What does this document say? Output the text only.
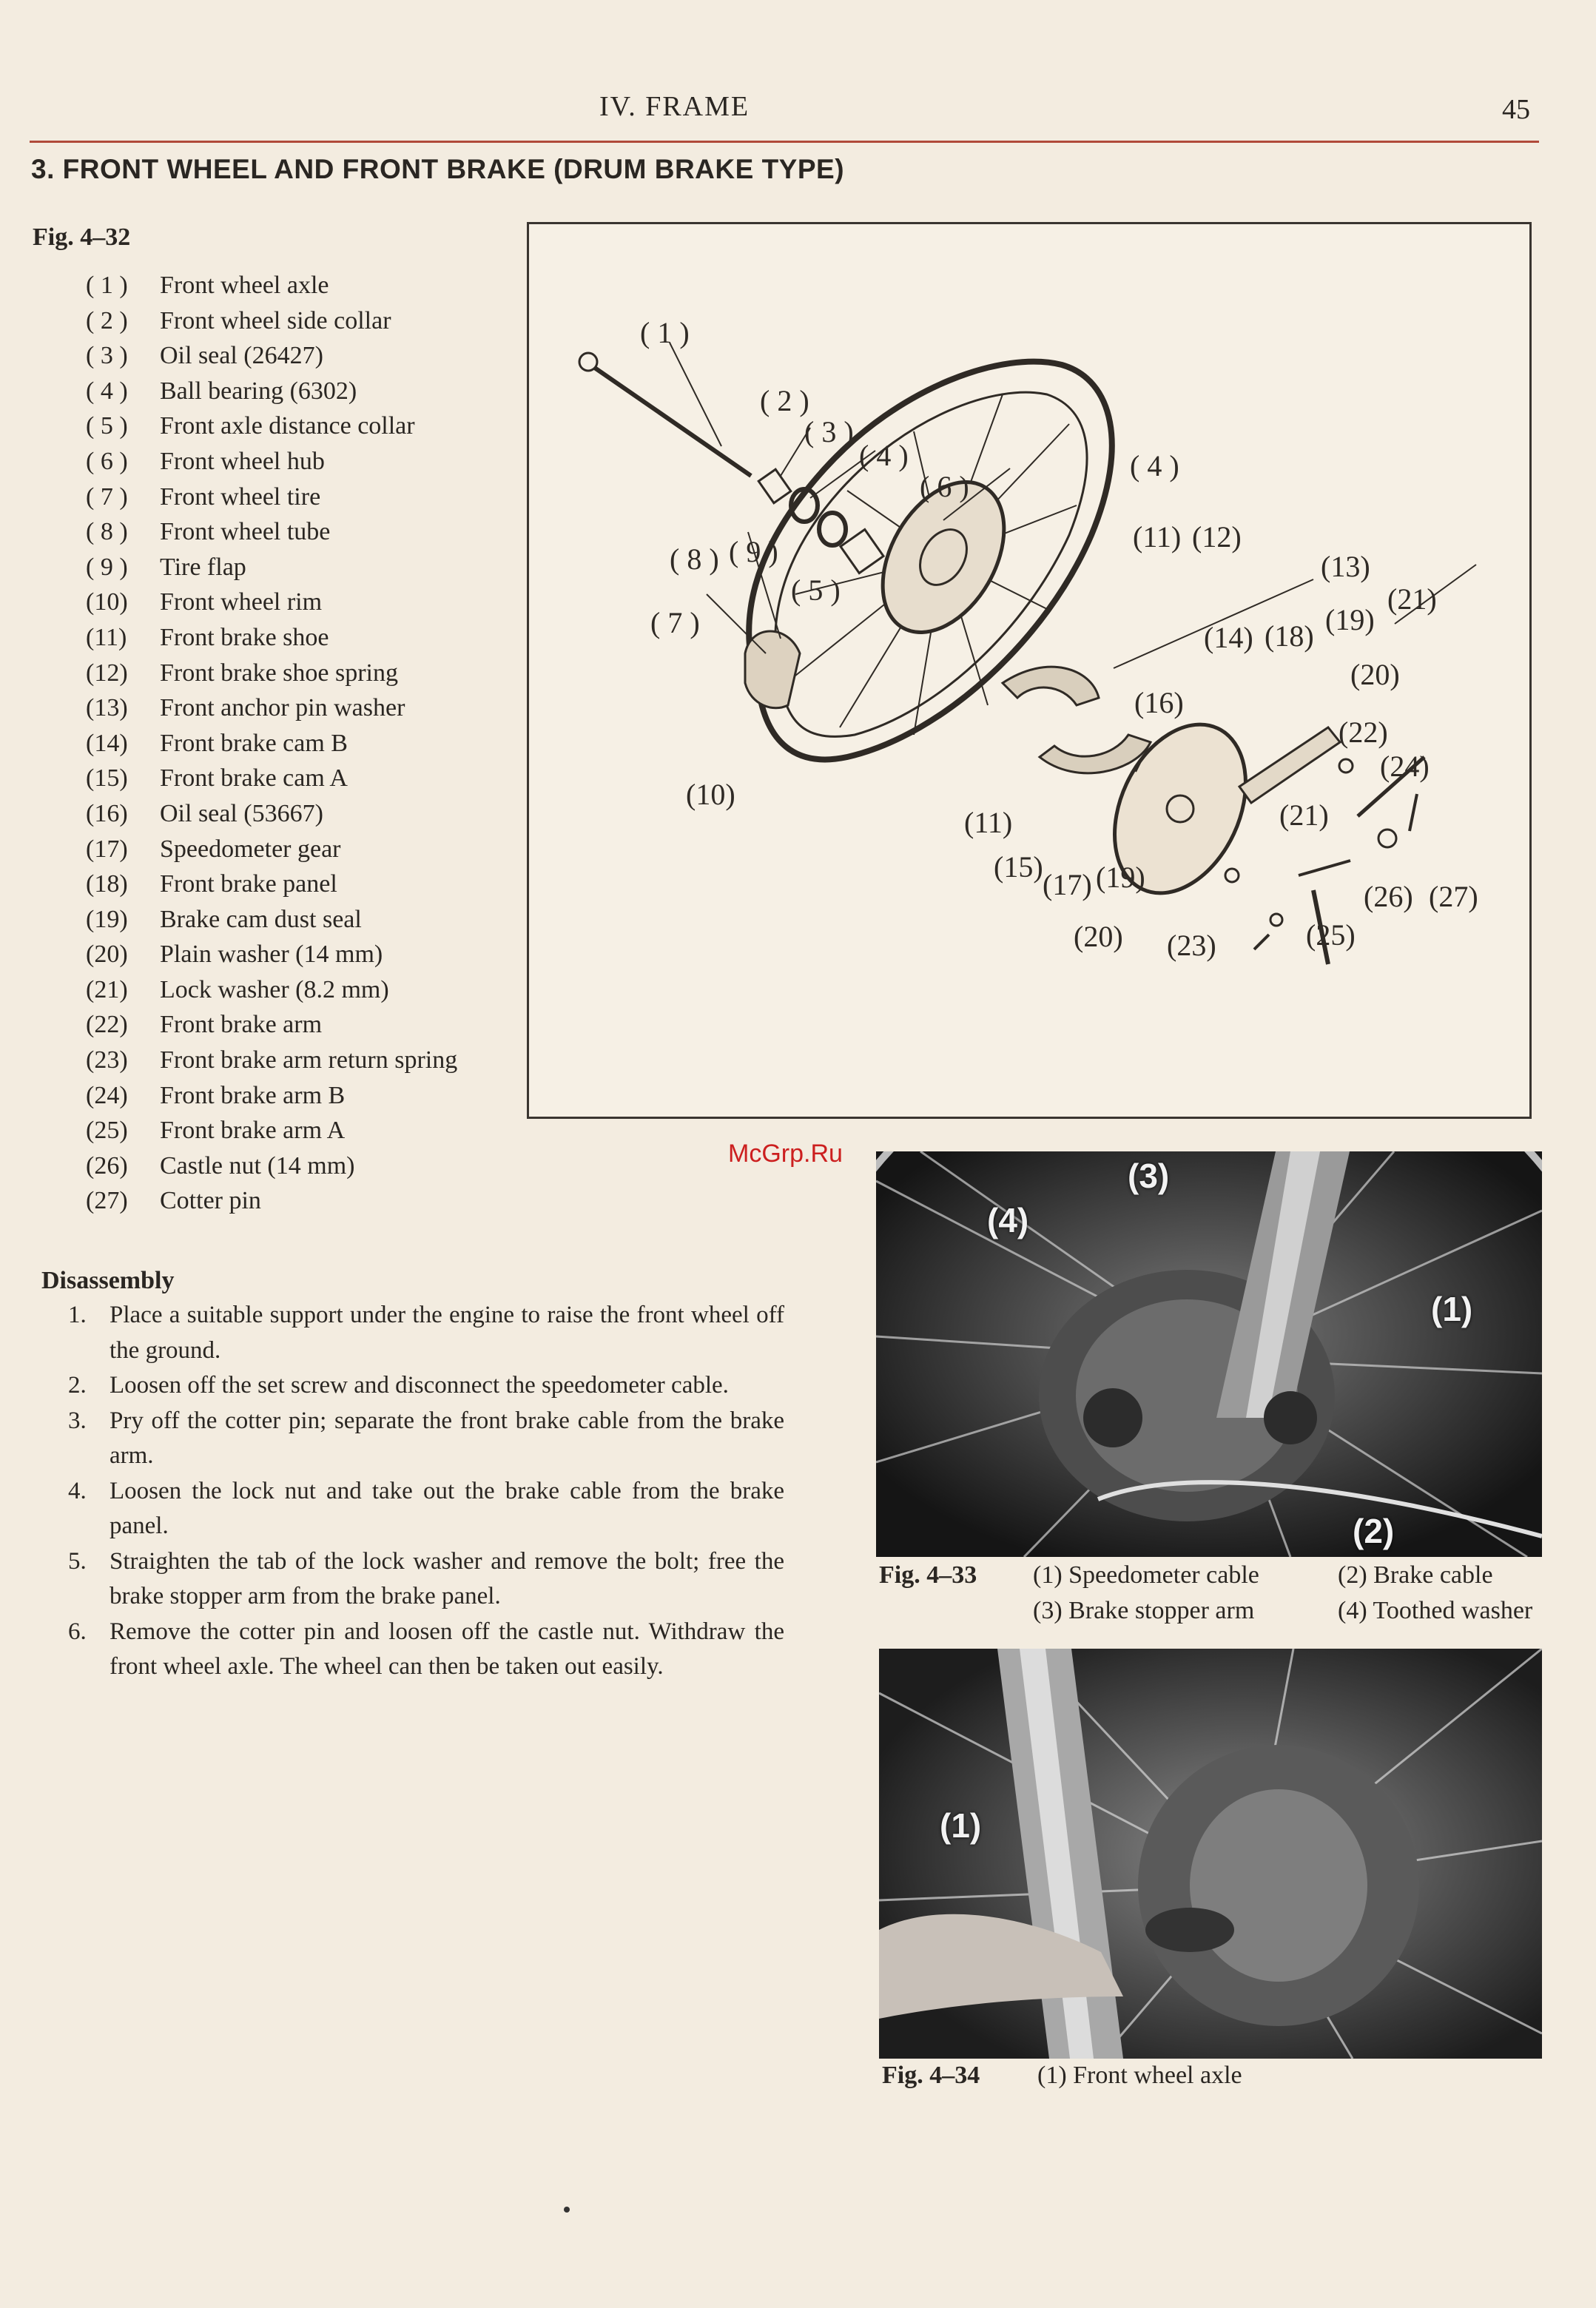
IV. FRAME	45
3. FRONT WHEEL AND FRONT BRAKE (DRUM BRAKE TYPE)
Fig. 4–32
( 1 ) Front wheel axle
( 2 ) Front wheel side collar
( 3 ) Oil seal (26427)
( 4 ) Ball bearing (6302)
( 5 ) Front axle distance collar
( 6 ) Front wheel hub
( 7 ) Front wheel tire
( 8 ) Front wheel tube
( 9 ) Tire flap
(10) Front wheel rim
(11) Front brake shoe
(12) Front brake shoe spring
(13) Front anchor pin washer
(14) Front brake cam B
(15) Front brake cam A
(16) Oil seal (53667)
(17) Speedometer gear
(18) Front brake panel
(19) Brake cam dust seal
(20) Plain washer (14 mm)
(21) Lock washer (8.2 mm)
(22) Front brake arm
(23) Front brake arm return spring
(24) Front brake arm B
(25) Front brake arm A
(26) Castle nut (14 mm)
(27) Cotter pin
( 1 )
( 2 )
( 3 )
( 4 )	( 4 )
( 6 )
( 8 ) ( 9 )
( 5 )
( 7 )
(11) (12)
(13)
(21)
(14) (18) (19)
(20)
(16)
(22)
(24)
(10)
(11)	(21)
(15)
(17) (19)
(26) (27)
(20) (23)	(25)
McGrp.Ru
Disassembly
1. Place a suitable support under the engine to raise the front wheel off the ground.
2. Loosen off the set screw and disconnect the speedometer cable.
3. Pry off the cotter pin; separate the front brake cable from the brake arm.
4. Loosen the lock nut and take out the brake cable from the brake panel.
5. Straighten the tab of the lock washer and remove the bolt; free the brake stopper arm from the brake panel.
6. Remove the cotter pin and loosen off the castle nut. Withdraw the front wheel axle. The wheel can then be taken out easily.
(3)
(4)
(1)
(2)
Fig. 4–33 (1) Speedometer cable	(2) Brake cable
(3) Brake stopper arm	(4) Toothed washer
(1)
Fig. 4–34 (1) Front wheel axle
